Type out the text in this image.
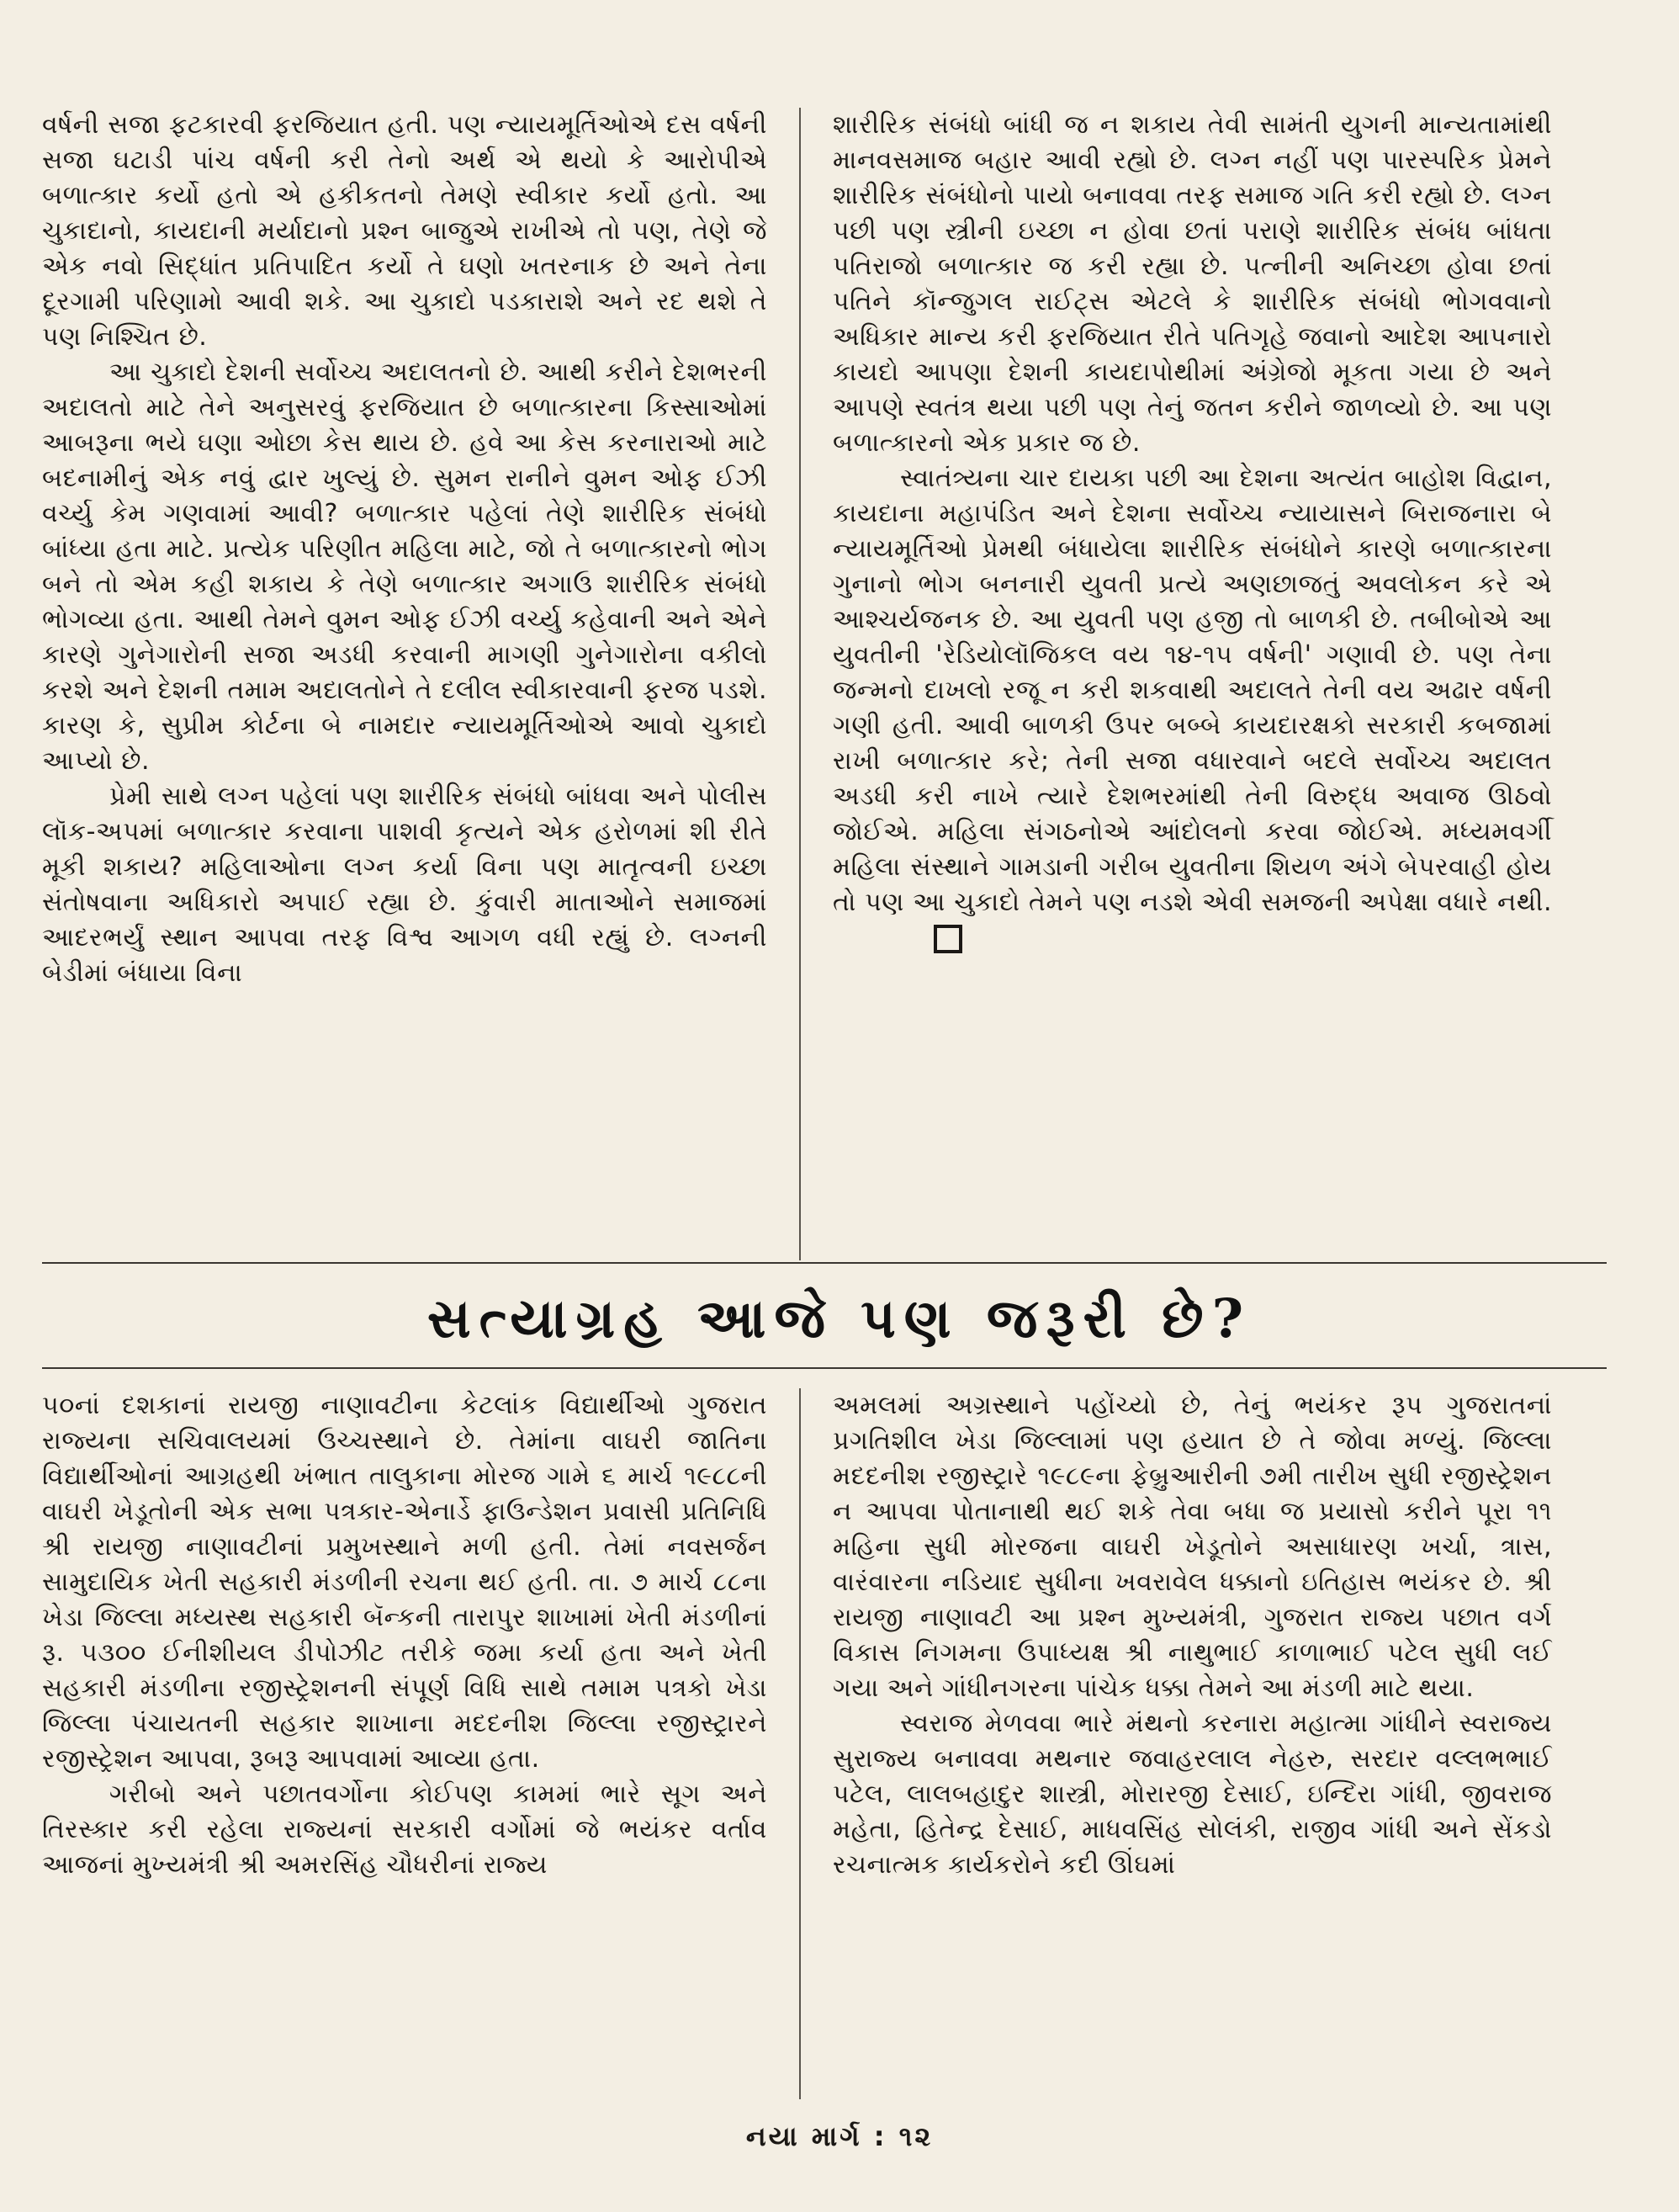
વર્ષની સજા ફટકારવી ફરજિયાત હતી. પણ ન્યાયમૂર્તિઓએ દસ વર્ષની સજા ઘટાડી પાંચ વર્ષની કરી તેનો અર્થ એ થયો કે આરોપીએ બળાત્કાર કર્યો હતો એ હકીકતનો તેમણે સ્વીકાર કર્યો હતો. આ ચુકાદાનો, કાયદાની મર્યાદાનો પ્રશ્ન બાજુએ રાખીએ તો પણ, તેણે જે એક નવો સિદ્ધાંત પ્રતિપાદિત કર્યો તે ઘણો ખતરનાક છે અને તેના દૂરગામી પરિણામો આવી શકે. આ ચુકાદો પડકારાશે અને રદ થશે તે પણ નિશ્ચિત છે.

આ ચુકાદો દેશની સર્વોચ્ચ અદાલતનો છે. આથી કરીને દેશભરની અદાલતો માટે તેને અનુસરવું ફરજિયાત છે બળાત્કારના કિસ્સાઓમાં આબરૂના ભયે ઘણા ઓછા કેસ થાય છે. હવે આ કેસ કરનારાઓ માટે બદનામીનું એક નવું દ્વાર ખુલ્યું છે. સુમન રાનીને વુમન ઓફ ઈઝી વર્ચ્યુ કેમ ગણવામાં આવી? બળાત્કાર પહેલાં તેણે શારીરિક સંબંધો બાંધ્યા હતા માટે. પ્રત્યેક પરિણીત મહિલા માટે, જો તે બળાત્કારનો ભોગ બને તો એમ કહી શકાય કે તેણે બળાત્કાર અગાઉ શારીરિક સંબંધો ભોગવ્યા હતા. આથી તેમને વુમન ઓફ ઈઝી વર્ચ્યુ કહેવાની અને એને કારણે ગુનેગારોની સજા અડધી કરવાની માગણી ગુનેગારોના વકીલો કરશે અને દેશની તમામ અદાલતોને તે દલીલ સ્વીકારવાની ફરજ પડશે. કારણ કે, સુપ્રીમ કોર્ટના બે નામદાર ન્યાયમૂર્તિઓએ આવો ચુકાદો આપ્યો છે.

પ્રેમી સાથે લગ્ન પહેલાં પણ શારીરિક સંબંધો બાંધવા અને પોલીસ લૉક-અપમાં બળાત્કાર કરવાના પાશવી કૃત્યને એક હરોળમાં શી રીતે મૂકી શકાય? મહિલાઓના લગ્ન કર્યા વિના પણ માતૃત્વની ઇચ્છા સંતોષવાના અધિકારો અપાઈ રહ્યા છે. કુંવારી માતાઓને સમાજમાં આદરભર્યું સ્થાન આપવા તરફ વિશ્વ આગળ વધી રહ્યું છે. લગ્નની બેડીમાં બંધાયા વિના

શારીરિક સંબંધો બાંધી જ ન શકાય તેવી સામંતી યુગની માન્યતામાંથી માનવસમાજ બહાર આવી રહ્યો છે. લગ્ન નહીં પણ પારસ્પરિક પ્રેમને શારીરિક સંબંધોનો પાયો બનાવવા તરફ સમાજ ગતિ કરી રહ્યો છે. લગ્ન પછી પણ સ્ત્રીની ઇચ્છા ન હોવા છતાં પરાણે શારીરિક સંબંધ બાંધતા પતિરાજો બળાત્કાર જ કરી રહ્યા છે. પત્નીની અનિચ્છા હોવા છતાં પતિને કૉન્જુગલ રાઈટ્સ એટલે કે શારીરિક સંબંધો ભોગવવાનો અધિકાર માન્ય કરી ફરજિયાત રીતે પતિગૃહે જવાનો આદેશ આપનારો કાયદો આપણા દેશની કાયદાપોથીમાં અંગ્રેજો મૂકતા ગયા છે અને આપણે સ્વતંત્ર થયા પછી પણ તેનું જતન કરીને જાળવ્યો છે. આ પણ બળાત્કારનો એક પ્રકાર જ છે.

સ્વાતંત્ર્યના ચાર દાયકા પછી આ દેશના અત્યંત બાહોશ વિદ્વાન, કાયદાના મહાપંડિત અને દેશના સર્વોચ્ચ ન્યાયાસને બિરાજનારા બે ન્યાયમૂર્તિઓ પ્રેમથી બંધાયેલા શારીરિક સંબંધોને કારણે બળાત્કારના ગુનાનો ભોગ બનનારી યુવતી પ્રત્યે અણછાજતું અવલોકન કરે એ આશ્ચર્યજનક છે. આ યુવતી પણ હજી તો બાળકી છે. તબીબોએ આ યુવતીની 'રેડિયોલૉજિકલ વય ૧૪-૧૫ વર્ષની' ગણાવી છે. પણ તેના જન્મનો દાખલો રજૂ ન કરી શકવાથી અદાલતે તેની વય અઢાર વર્ષની ગણી હતી. આવી બાળકી ઉપર બબ્બે કાયદારક્ષકો સરકારી કબજામાં રાખી બળાત્કાર કરે; તેની સજા વધારવાને બદલે સર્વોચ્ચ અદાલત અડધી કરી નાખે ત્યારે દેશભરમાંથી તેની વિરુદ્ધ અવાજ ઊઠવો જોઈએ. મહિલા સંગઠનોએ આંદોલનો કરવા જોઈએ. મધ્યમવર્ગી મહિલા સંસ્થાને ગામડાની ગરીબ યુવતીના શિયળ અંગે બેપરવાહી હોય તો પણ આ ચુકાદો તેમને પણ નડશે એવી સમજની અપેક્ષા વધારે નથી.

સત્યાગ્રહ આજે પણ જરૂરી છે?

૫૦નાં દશકાનાં રાયજી નાણાવટીના કેટલાંક વિદ્યાર્થીઓ ગુજરાત રાજ્યના સચિવાલયમાં ઉચ્ચસ્થાને છે. તેમાંના વાઘરી જાતિના વિદ્યાર્થીઓનાં આગ્રહથી ખંભાત તાલુકાના મોરજ ગામે ૬ માર્ચ ૧૯૮૮ની વાઘરી ખેડૂતોની એક સભા પત્રકાર-એનાર્ડે ફાઉન્ડેશન પ્રવાસી પ્રતિનિધિ શ્રી રાયજી નાણાવટીનાં પ્રમુખસ્થાને મળી હતી. તેમાં નવસર્જન સામુદાયિક ખેતી સહકારી મંડળીની રચના થઈ હતી. તા. ૭ માર્ચ ૮૮ના ખેડા જિલ્લા મધ્યસ્થ સહકારી બૅન્કની તારાપુર શાખામાં ખેતી મંડળીનાં રૂ. ૫૩૦૦ ઈનીશીયલ ડીપોઝીટ તરીકે જમા કર્યા હતા અને ખેતી સહકારી મંડળીના રજીસ્ટ્રેશનની સંપૂર્ણ વિધિ સાથે તમામ પત્રકો ખેડા જિલ્લા પંચાયતની સહકાર શાખાના મદદનીશ જિલ્લા રજીસ્ટ્રારને રજીસ્ટ્રેશન આપવા, રૂબરૂ આપવામાં આવ્યા હતા.

ગરીબો અને પછાતવર્ગોના કોઈપણ કામમાં ભારે સૂગ અને તિરસ્કાર કરી રહેલા રાજ્યનાં સરકારી વર્ગોમાં જે ભયંકર વર્તાવ આજનાં મુખ્યમંત્રી શ્રી અમરસિંહ ચૌધરીનાં રાજ્ય

અમલમાં અગ્રસ્થાને પહોંચ્યો છે, તેનું ભયંકર રૂપ ગુજરાતનાં પ્રગતિશીલ ખેડા જિલ્લામાં પણ હયાત છે તે જોવા મળ્યું. જિલ્લા મદદનીશ રજીસ્ટ્રારે ૧૯૮૯ના ફેબ્રુઆરીની ૭મી તારીખ સુધી રજીસ્ટ્રેશન ન આપવા પોતાનાથી થઈ શકે તેવા બધા જ પ્રયાસો કરીને પૂરા ૧૧ મહિના સુધી મોરજના વાઘરી ખેડૂતોને અસાધારણ ખર્ચા, ત્રાસ, વારંવારના નડિયાદ સુધીના ખવરાવેલ ધક્કાનો ઇતિહાસ ભયંકર છે. શ્રી રાયજી નાણાવટી આ પ્રશ્ન મુખ્યમંત્રી, ગુજરાત રાજ્ય પછાત વર્ગ વિકાસ નિગમના ઉપાધ્યક્ષ શ્રી નાથુભાઈ કાળાભાઈ પટેલ સુધી લઈ ગયા અને ગાંધીનગરના પાંચેક ધક્કા તેમને આ મંડળી માટે થયા.

સ્વરાજ મેળવવા ભારે મંથનો કરનારા મહાત્મા ગાંધીને સ્વરાજ્ય સુરાજ્ય બનાવવા મથનાર જવાહરલાલ નેહરુ, સરદાર વલ્લભભાઈ પટેલ, લાલબહાદુર શાસ્ત્રી, મોરારજી દેસાઈ, ઇન્દિરા ગાંધી, જીવરાજ મહેતા, હિતેન્દ્ર દેસાઈ, માધવસિંહ સોલંકી, રાજીવ ગાંધી અને સેંકડો રચનાત્મક કાર્યકરોને કદી ઊંઘમાં

નયા માર્ગ : ૧૨
